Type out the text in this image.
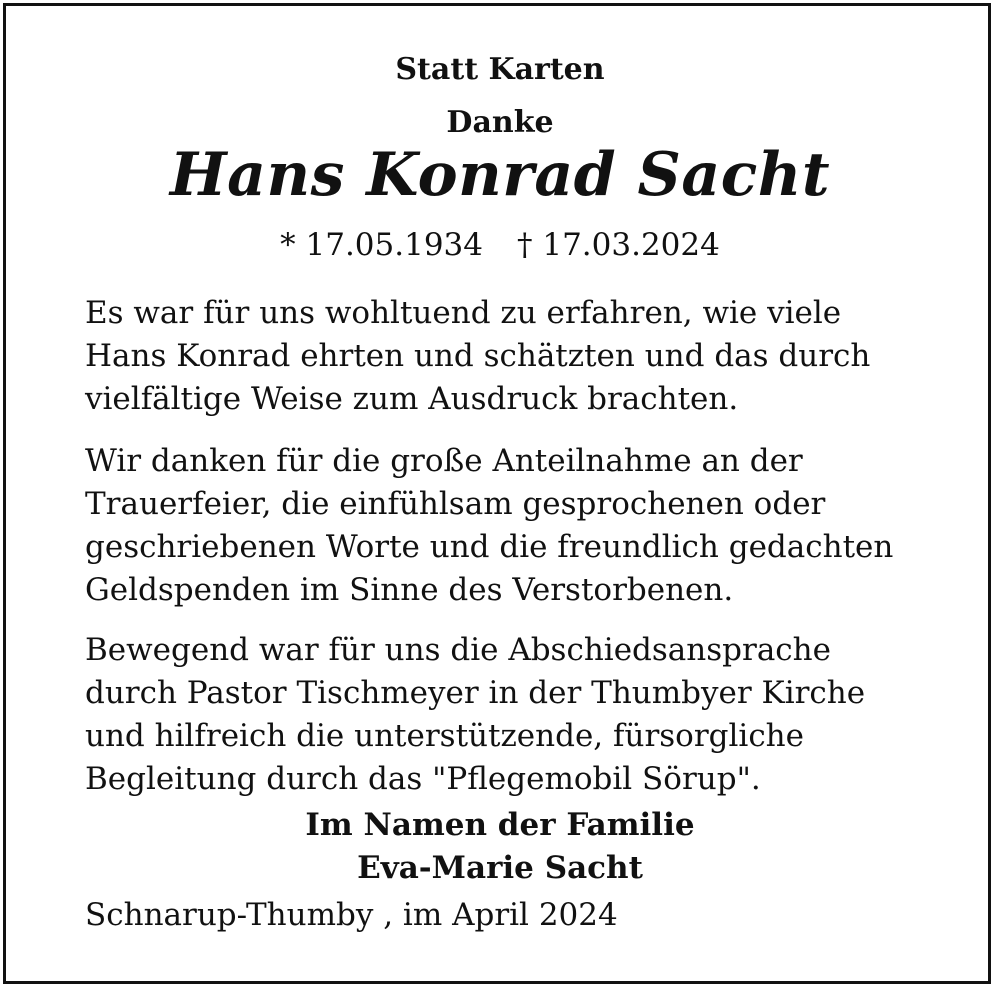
Statt Karten
Danke
Hans Konrad Sacht
* 17.05.1934 † 17.03.2024

Es war für uns wohltuend zu erfahren, wie viele
Hans Konrad ehrten und schätzten und das durch
vielfältige Weise zum Ausdruck brachten.

Wir danken für die große Anteilnahme an der
Trauerfeier, die einfühlsam gesprochenen oder
geschriebenen Worte und die freundlich gedachten
Geldspenden im Sinne des Verstorbenen.

Bewegend war für uns die Abschiedsansprache
durch Pastor Tischmeyer in der Thumbyer Kirche
und hilfreich die unterstützende, fürsorgliche
Begleitung durch das "Pflegemobil Sörup".

Im Namen der Familie
Eva-Marie Sacht
Schnarup-Thumby , im April 2024
